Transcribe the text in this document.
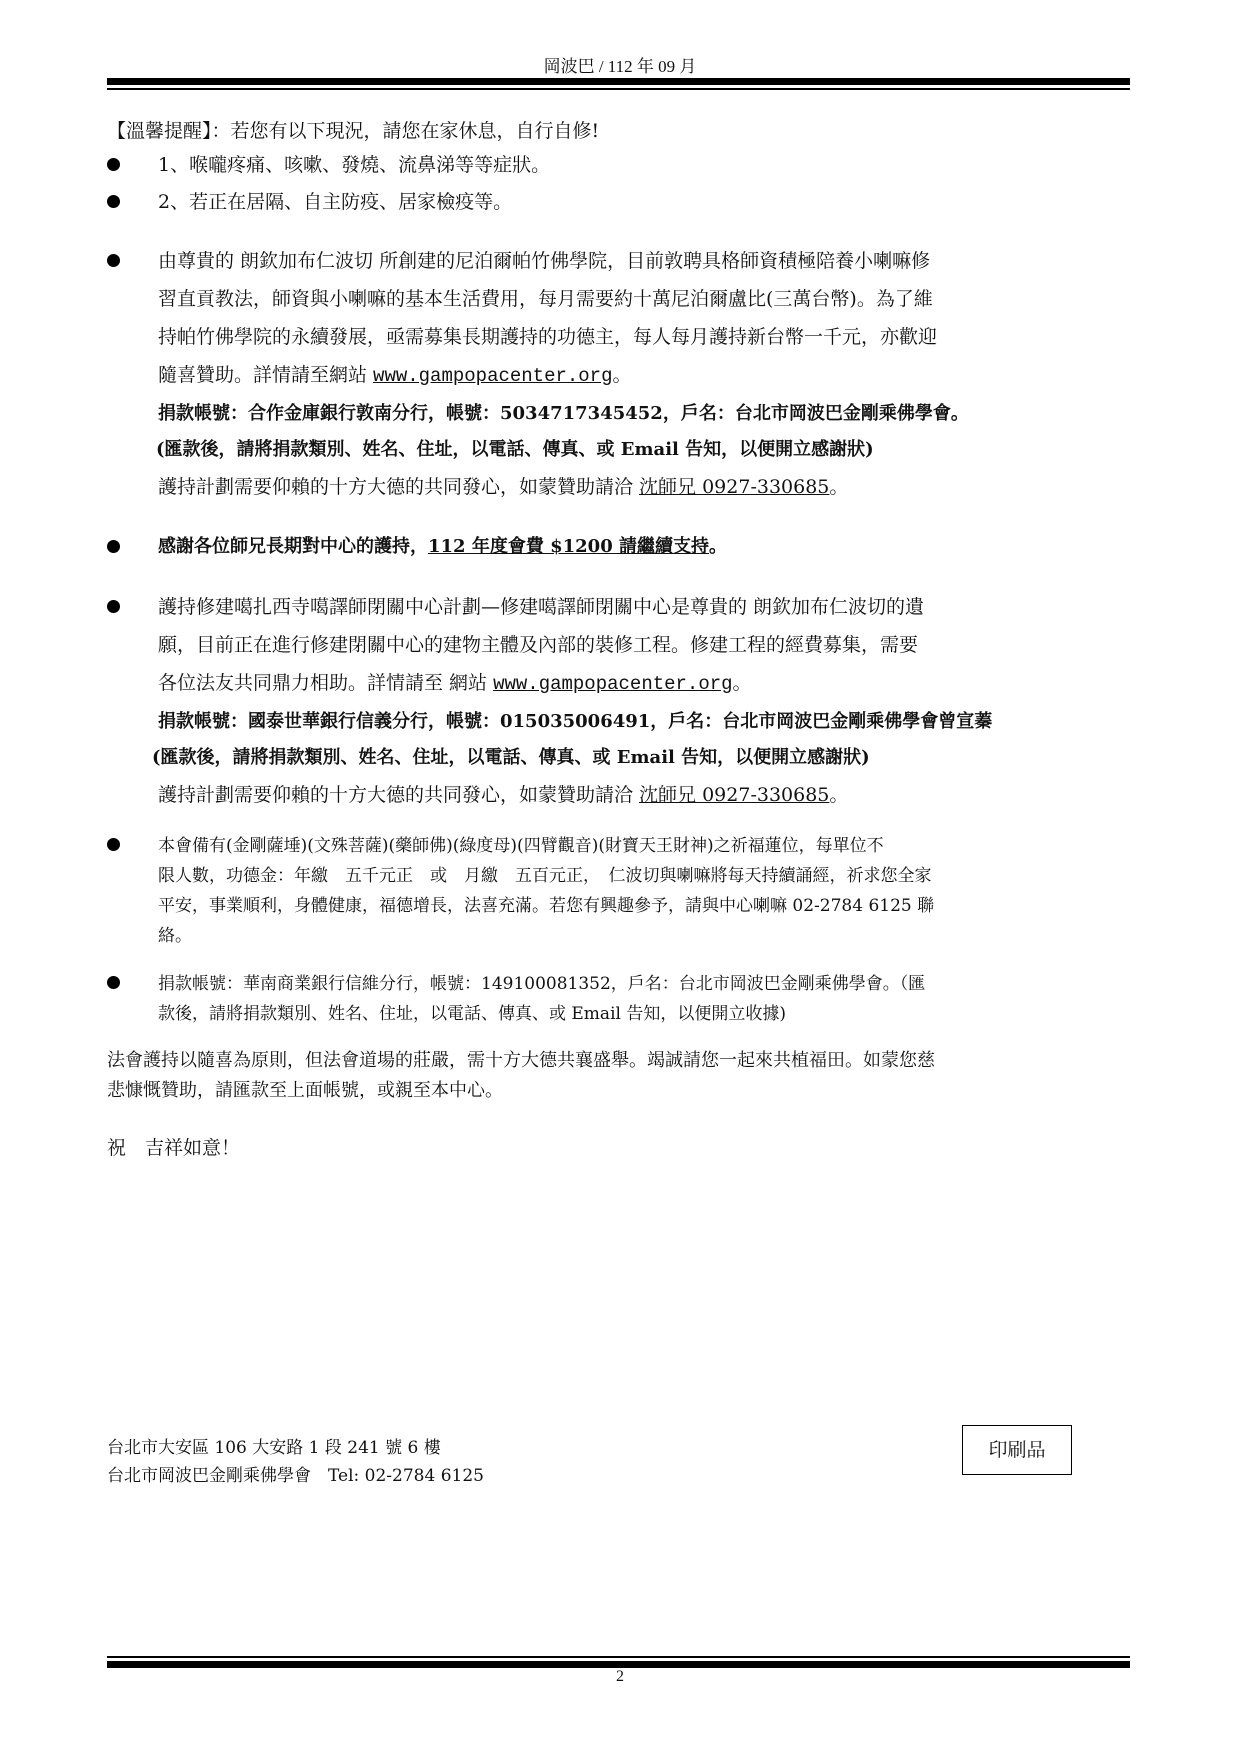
岡波巴 / 112 年 09 月
【溫馨提醒】：若您有以下現況，請您在家休息，自行自修!
1、喉嚨疼痛、咳嗽、發燒、流鼻涕等等症狀。
2、若正在居隔、自主防疫、居家檢疫等。
由尊貴的 朗欽加布仁波切 所創建的尼泊爾帕竹佛學院，目前敦聘具格師資積極陪養小喇嘛修
習直貢教法，師資與小喇嘛的基本生活費用，每月需要約十萬尼泊爾盧比(三萬台幣)。為了維
持帕竹佛學院的永續發展，亟需募集長期護持的功德主，每人每月護持新台幣一千元，亦歡迎
隨喜贊助。詳情請至網站 www.gampopacenter.org。
捐款帳號：合作金庫銀行敦南分行，帳號：5034717345452，戶名：台北市岡波巴金剛乘佛學會。
(匯款後，請將捐款類別、姓名、住址，以電話、傳真、或 Email 告知，以便開立感謝狀)
護持計劃需要仰賴的十方大德的共同發心，如蒙贊助請洽 沈師兄 0927-330685。
感謝各位師兄長期對中心的護持，112 年度會費 $1200 請繼續支持。
護持修建噶扎西寺噶譯師閉關中心計劃—修建噶譯師閉關中心是尊貴的 朗欽加布仁波切的遺
願，目前正在進行修建閉關中心的建物主體及內部的裝修工程。修建工程的經費募集，需要
各位法友共同鼎力相助。詳情請至 網站 www.gampopacenter.org。
捐款帳號：國泰世華銀行信義分行，帳號：015035006491，戶名：台北市岡波巴金剛乘佛學會曾宣蓁
(匯款後，請將捐款類別、姓名、住址，以電話、傳真、或 Email 告知，以便開立感謝狀)
護持計劃需要仰賴的十方大德的共同發心，如蒙贊助請洽 沈師兄 0927-330685。
本會備有(金剛薩埵)(文殊菩薩)(藥師佛)(綠度母)(四臂觀音)(財寶天王財神)之祈福蓮位，每單位不
限人數，功德金：年繳　五千元正　或　月繳　五百元正，　仁波切與喇嘛將每天持續誦經，祈求您全家
平安，事業順利，身體健康，福德增長，法喜充滿。若您有興趣參予，請與中心喇嘛 02-2784 6125 聯
絡。
捐款帳號：華南商業銀行信維分行，帳號：149100081352，戶名：台北市岡波巴金剛乘佛學會。（匯
款後，請將捐款類別、姓名、住址，以電話、傳真、或 Email 告知，以便開立收據)
法會護持以隨喜為原則，但法會道場的莊嚴，需十方大德共襄盛舉。竭誠請您一起來共植福田。如蒙您慈
悲慷慨贊助，請匯款至上面帳號，或親至本中心。
祝　吉祥如意！
台北市大安區 106 大安路 1 段 241 號 6 樓
台北市岡波巴金剛乘佛學會　Tel: 02-2784 6125
印刷品
2
